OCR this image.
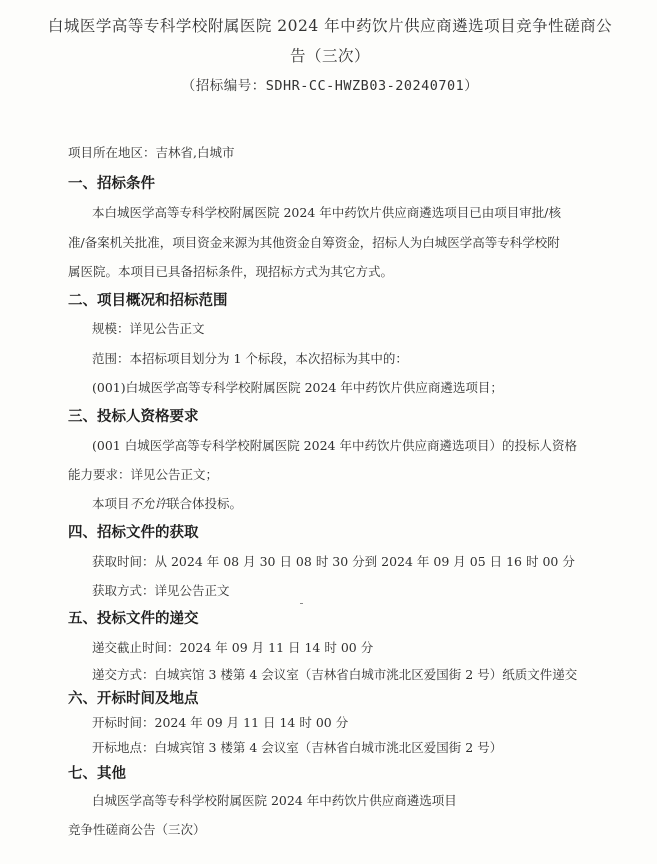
白城医学高等专科学校附属医院 2024 年中药饮片供应商遴选项目竞争性磋商公
告（三次）
（招标编号：SDHR-CC-HWZB03-20240701）
项目所在地区：吉林省,白城市
一、招标条件
本白城医学高等专科学校附属医院 2024 年中药饮片供应商遴选项目已由项目审批/核
准/备案机关批准，项目资金来源为其他资金自筹资金，招标人为白城医学高等专科学校附
属医院。本项目已具备招标条件，现招标方式为其它方式。
二、项目概况和招标范围
规模：详见公告正文
范围：本招标项目划分为 1 个标段，本次招标为其中的：
(001)白城医学高等专科学校附属医院 2024 年中药饮片供应商遴选项目；
三、投标人资格要求
(001 白城医学高等专科学校附属医院 2024 年中药饮片供应商遴选项目）的投标人资格
能力要求：详见公告正文；
本项目不允许联合体投标。
四、招标文件的获取
获取时间：从 2024 年 08 月 30 日 08 时 30 分到 2024 年 09 月 05 日 16 时 00 分
获取方式：详见公告正文
五、投标文件的递交
递交截止时间：2024 年 09 月 11 日 14 时 00 分
递交方式：白城宾馆 3 楼第 4 会议室（吉林省白城市洮北区爱国街 2 号）纸质文件递交
六、开标时间及地点
开标时间：2024 年 09 月 11 日 14 时 00 分
开标地点：白城宾馆 3 楼第 4 会议室（吉林省白城市洮北区爱国街 2 号）
七、其他
白城医学高等专科学校附属医院 2024 年中药饮片供应商遴选项目
竞争性磋商公告（三次）
